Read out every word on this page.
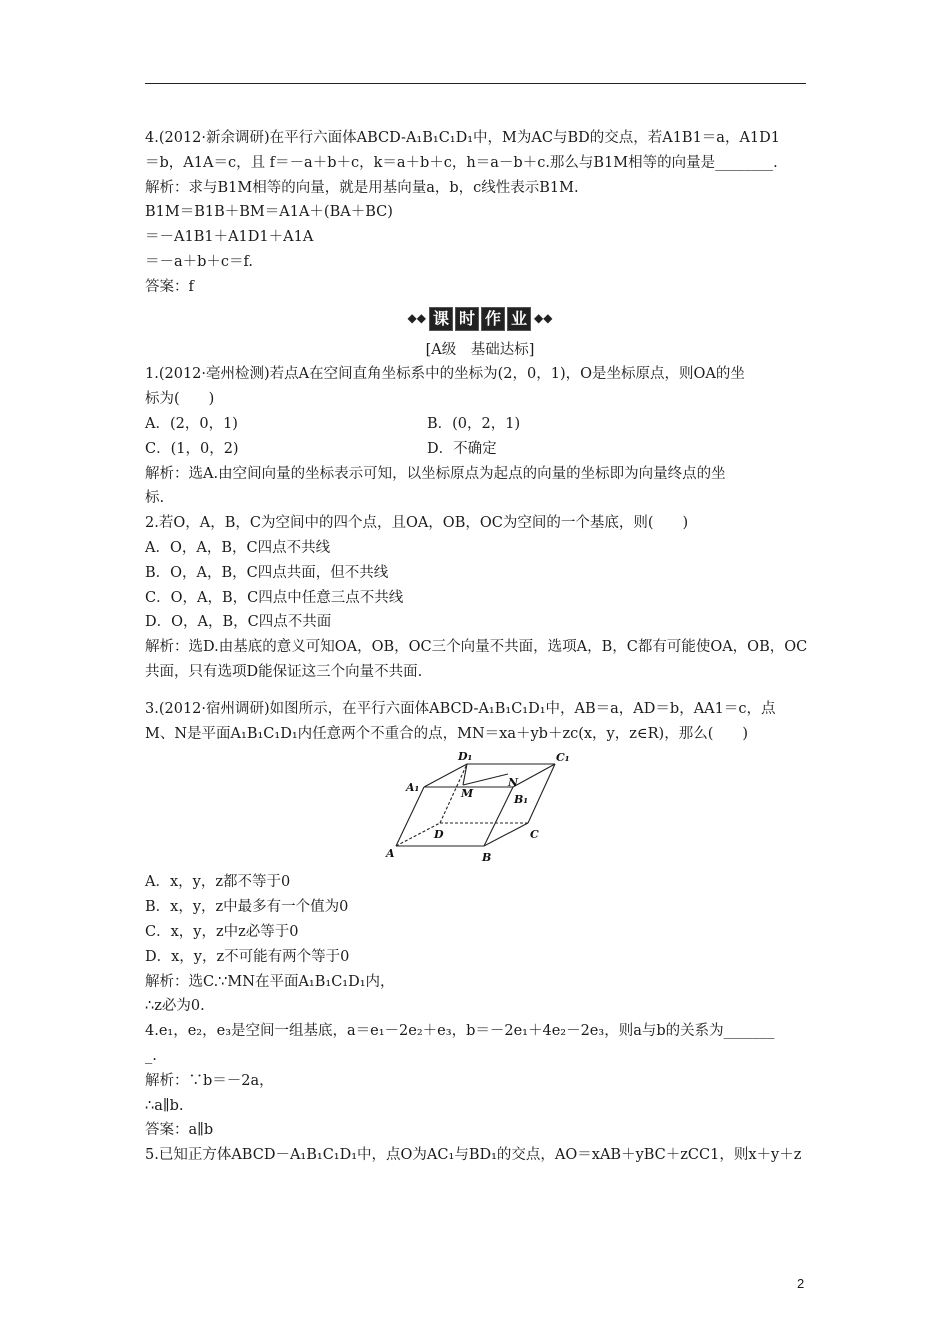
4.(2012·新余调研)在平行六面体ABCD-A₁B₁C₁D₁中，M为AC与BD的交点，若A1B1＝a，A1D1

＝b，A1A＝c，且 f＝－a＋b＋c，k＝a＋b＋c，h＝a－b＋c.那么与B1M相等的向量是________.

解析：求与B1M相等的向量，就是用基向量a，b，c线性表示B1M.

B1M＝B1B＋BM＝A1A＋(BA＋BC)

＝－A1B1＋A1D1＋A1A

＝－a＋b＋c＝f.

答案：f

◆◆ 课 时 作 业 ◆◆

[A级　基础达标]

1.(2012·亳州检测)若点A在空间直角坐标系中的坐标为(2，0，1)，O是坐标原点，则OA的坐

标为(　　)

A．(2，0，1)	B．(0，2，1)

C．(1，0，2)	D．不确定

解析：选A.由空间向量的坐标表示可知，以坐标原点为起点的向量的坐标即为向量终点的坐

标.

2.若O，A，B，C为空间中的四个点，且OA，OB，OC为空间的一个基底，则(　　)

A．O，A，B，C四点不共线

B．O，A，B，C四点共面，但不共线

C．O，A，B，C四点中任意三点不共线

D．O，A，B，C四点不共面

解析：选D.由基底的意义可知OA，OB，OC三个向量不共面，选项A，B，C都有可能使OA，OB，OC

共面，只有选项D能保证这三个向量不共面.

3.(2012·宿州调研)如图所示，在平行六面体ABCD-A₁B₁C₁D₁中，AB＝a，AD＝b，AA1＝c，点

M、N是平面A₁B₁C₁D₁内任意两个不重合的点，MN＝xa＋yb＋zc(x，y，z∈R)，那么(　　)

D₁	C₁
A₁	M
N
B₁
D	C
A	B

A．x，y，z都不等于0

B．x，y，z中最多有一个值为0

C．x，y，z中z必等于0

D．x，y，z不可能有两个等于0

解析：选C.∵MN在平面A₁B₁C₁D₁内，

∴z必为0.

4.e₁，e₂，e₃是空间一组基底，a＝e₁－2e₂＋e₃，b＝－2e₁＋4e₂－2e₃，则a与b的关系为_______

_.

解析：∵b＝－2a，

∴a∥b.

答案：a∥b

5.已知正方体ABCD－A₁B₁C₁D₁中，点O为AC₁与BD₁的交点，AO＝xAB＋yBC＋zCC1，则x＋y＋z

2
